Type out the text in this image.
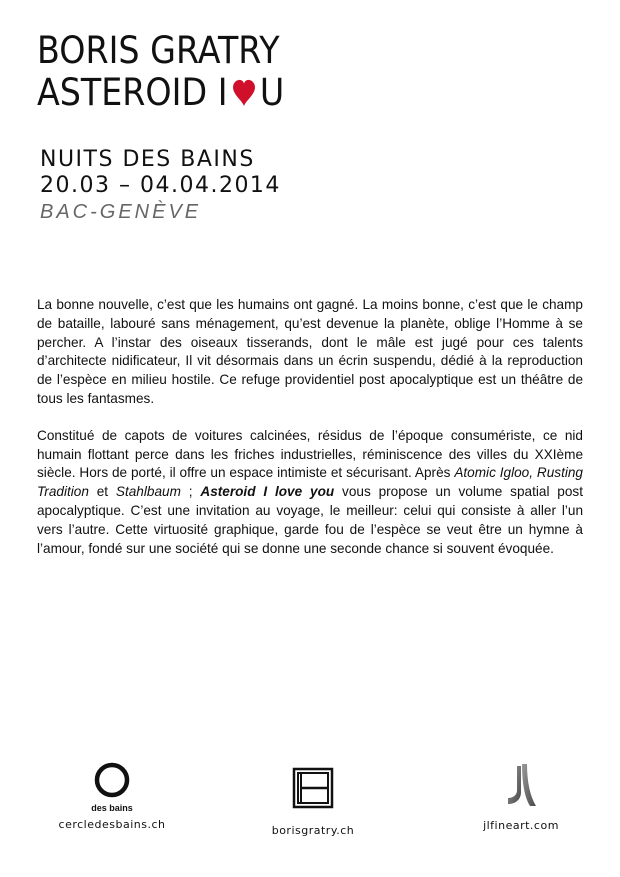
BORIS GRATRY
ASTEROID I U
NUITS DES BAINS
20.03 – 04.04.2014
BAC-GENÈVE

La bonne nouvelle, c’est que les humains ont gagné. La moins bonne, c’est que le champ de bataille, labouré sans ménagement, qu’est devenue la planète, oblige l’Homme à se percher. A l’instar des oiseaux tisserands, dont le mâle est jugé pour ces talents d’architecte nidificateur, Il vit désormais dans un écrin suspendu, dédié à la reproduction de l’espèce en milieu hostile. Ce refuge providentiel post apocalyptique est un théâtre de tous les fantasmes.

Constitué de capots de voitures calcinées, résidus de l’époque consumériste, ce nid humain flottant perce dans les friches industrielles, réminiscence des villes du XXIème siècle. Hors de porté, il offre un espace intimiste et sécurisant. Après Atomic Igloo, Rusting Tradition et Stahlbaum ; Asteroid I love you vous propose un volume spatial post apocalyptique. C’est une invitation au voyage, le meilleur: celui qui consiste à aller l’un vers l’autre. Cette virtuosité graphique, garde fou de l’espèce se veut être un hymne à l’amour, fondé sur une société qui se donne une seconde chance si souvent évoquée.

des bains
cercledesbains.ch	borisgratry.ch	jlfineart.com
